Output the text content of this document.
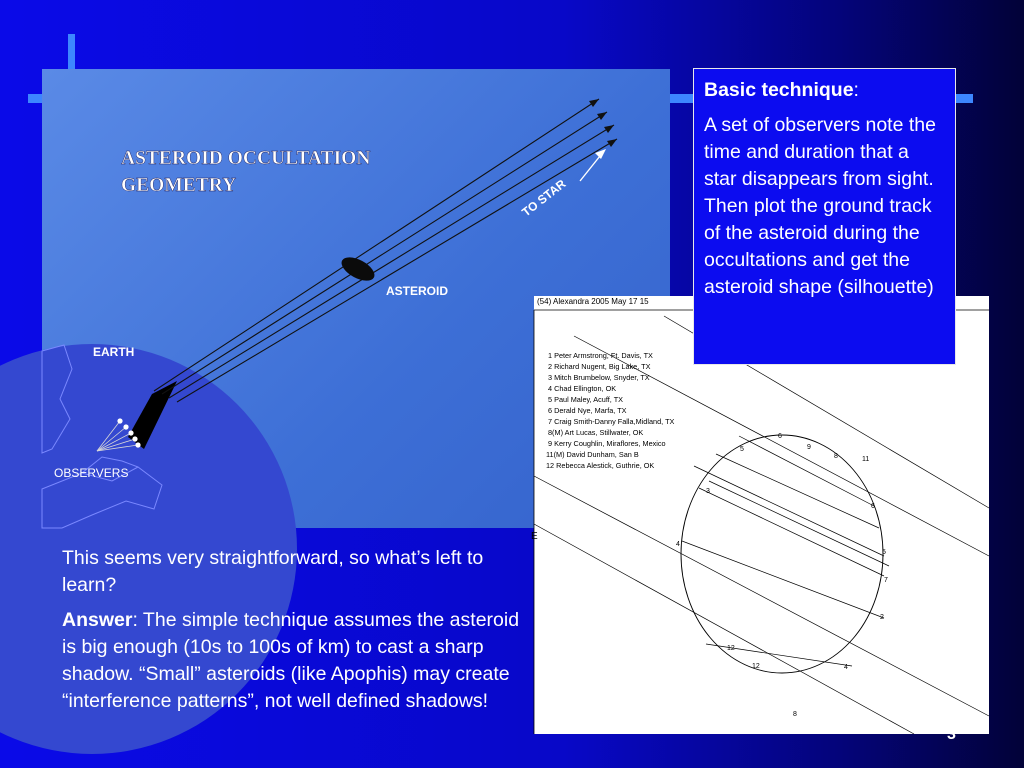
ASTEROID OCCULTATION
GEOMETRY	TO STAR
ASTEROID
EARTH
OBSERVERS
(54) Alexandra 2005 May 17 15
E
1 Peter Armstrong, Ft. Davis, TX
2 Richard Nugent, Big Lake, TX
3 Mitch Brumbelow, Snyder, TX
4 Chad Ellington, OK
5 Paul Maley, Acuff, TX
6 Derald Nye, Marfa, TX
7 Craig Smith-Danny Falla,Midland, TX
8(M) Art Lucas, Stillwater, OK
9 Kerry Coughlin, Miraflores, Mexico
11(M) David Dunham, San B
12 Rebecca Alestick, Guthrie, OK
6
9
8	11
5
3
4
6
5
7
2
12
12	4
8

Basic technique:

A set of observers note the time and duration that a star disappears from sight. Then plot the ground track of the asteroid during the occultations and get the asteroid shape (silhouette)

This seems very straightforward, so what’s left to learn?

Answer: The simple technique assumes the asteroid is big enough (10s to 100s of km) to cast a sharp shadow. “Small” asteroids (like Apophis) may create “interference patterns”, not well defined shadows!

3
